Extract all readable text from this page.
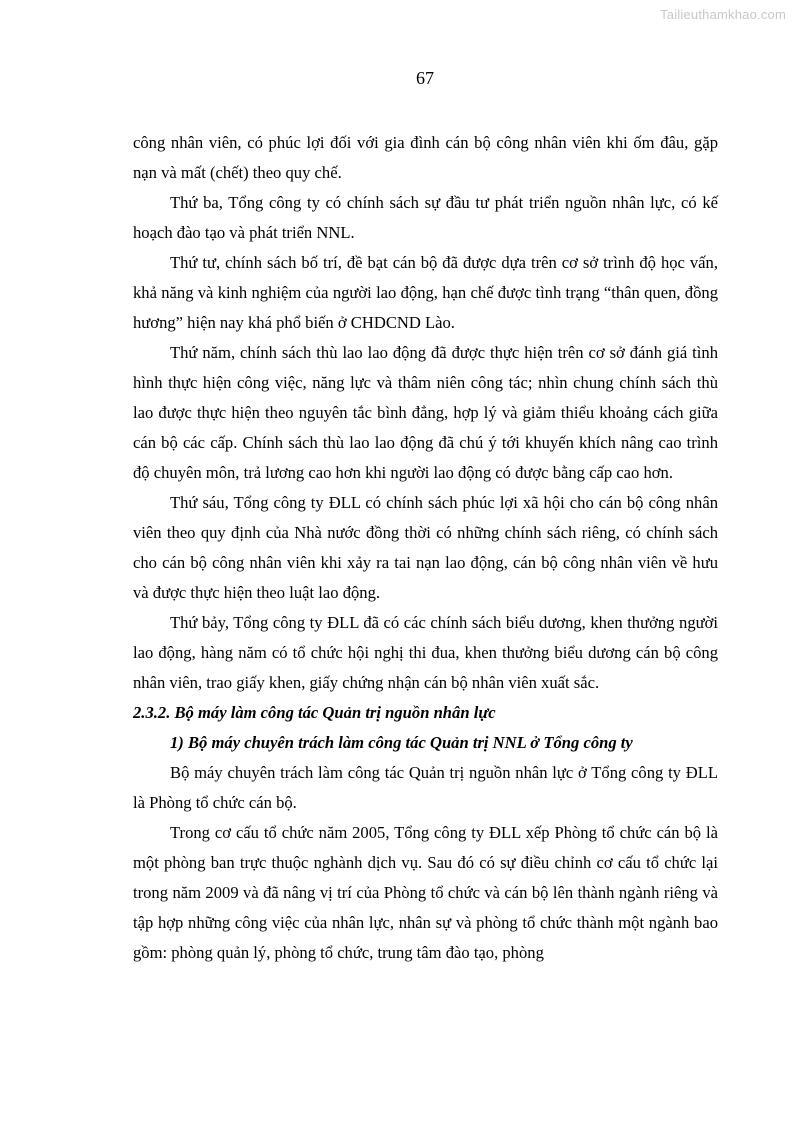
Tailieuthamkhao.com
67

công nhân viên, có phúc lợi đối với gia đình cán bộ công nhân viên khi ốm đâu, gặp nạn và mất (chết) theo quy chế.

Thứ ba, Tổng công ty có chính sách sự đầu tư phát triển nguồn nhân lực, có kế hoạch đào tạo và phát triển NNL.

Thứ tư, chính sách bố trí, đề bạt cán bộ đã được dựa trên cơ sở trình độ học vấn, khả năng và kinh nghiệm của người lao động, hạn chế được tình trạng “thân quen, đồng hương” hiện nay khá phổ biến ở CHDCND Lào.

Thứ năm, chính sách thù lao lao động đã được thực hiện trên cơ sở đánh giá tình hình thực hiện công việc, năng lực và thâm niên công tác; nhìn chung chính sách thù lao được thực hiện theo nguyên tắc bình đẳng, hợp lý và giảm thiểu khoảng cách giữa cán bộ các cấp. Chính sách thù lao lao động đã chú ý tới khuyến khích nâng cao trình độ chuyên môn, trả lương cao hơn khi người lao động có được bằng cấp cao hơn.

Thứ sáu, Tổng công ty ĐLL có chính sách phúc lợi xã hội cho cán bộ công nhân viên theo quy định của Nhà nước đồng thời có những chính sách riêng, có chính sách cho cán bộ công nhân viên khi xảy ra tai nạn lao động, cán bộ công nhân viên về hưu và được thực hiện theo luật lao động.

Thứ bảy, Tổng công ty ĐLL đã có các chính sách biểu dương, khen thưởng người lao động, hàng năm có tổ chức hội nghị thi đua, khen thưởng biểu dương cán bộ công nhân viên, trao giấy khen, giấy chứng nhận cán bộ nhân viên xuất sắc.

2.3.2. Bộ máy làm công tác Quản trị nguồn nhân lực

1) Bộ máy chuyên trách làm công tác Quản trị NNL ở Tổng công ty

Bộ máy chuyên trách làm công tác Quản trị nguồn nhân lực ở Tổng công ty ĐLL là Phòng tổ chức cán bộ.

Trong cơ cấu tổ chức năm 2005, Tổng công ty ĐLL xếp Phòng tổ chức cán bộ là một phòng ban trực thuộc nghành dịch vụ. Sau đó có sự điều chỉnh cơ cấu tổ chức lại trong năm 2009 và đã nâng vị trí của Phòng tổ chức và cán bộ lên thành ngành riêng và tập hợp những công việc của nhân lực, nhân sự và phòng tổ chức thành một ngành bao gồm: phòng quản lý, phòng tổ chức, trung tâm đào tạo, phòng
